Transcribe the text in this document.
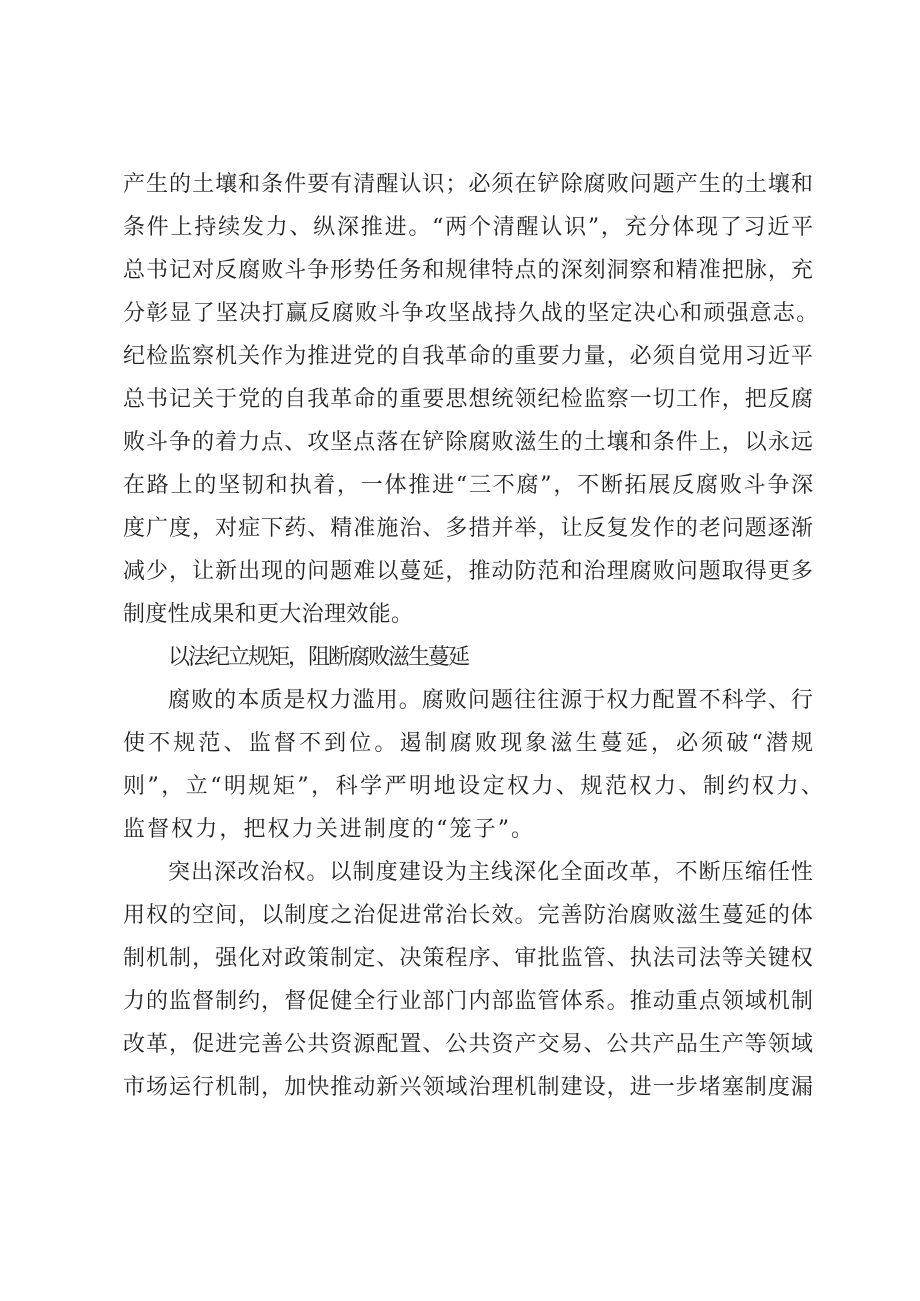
产生的土壤和条件要有清醒认识；必须在铲除腐败问题产生的土壤和
条件上持续发力、纵深推进。“两个清醒认识”，充分体现了习近平
总书记对反腐败斗争形势任务和规律特点的深刻洞察和精准把脉，充
分彰显了坚决打赢反腐败斗争攻坚战持久战的坚定决心和顽强意志。
纪检监察机关作为推进党的自我革命的重要力量，必须自觉用习近平
总书记关于党的自我革命的重要思想统领纪检监察一切工作，把反腐
败斗争的着力点、攻坚点落在铲除腐败滋生的土壤和条件上，以永远
在路上的坚韧和执着，一体推进“三不腐”，不断拓展反腐败斗争深
度广度，对症下药、精准施治、多措并举，让反复发作的老问题逐渐
减少，让新出现的问题难以蔓延，推动防范和治理腐败问题取得更多
制度性成果和更大治理效能。
以法纪立规矩，阻断腐败滋生蔓延
腐败的本质是权力滥用。腐败问题往往源于权力配置不科学、行
使不规范、监督不到位。遏制腐败现象滋生蔓延，必须破“潜规
则”，立“明规矩”，科学严明地设定权力、规范权力、制约权力、
监督权力，把权力关进制度的“笼子”。
突出深改治权。以制度建设为主线深化全面改革，不断压缩任性
用权的空间，以制度之治促进常治长效。完善防治腐败滋生蔓延的体
制机制，强化对政策制定、决策程序、审批监管、执法司法等关键权
力的监督制约，督促健全行业部门内部监管体系。推动重点领域机制
改革，促进完善公共资源配置、公共资产交易、公共产品生产等领域
市场运行机制，加快推动新兴领域治理机制建设，进一步堵塞制度漏
